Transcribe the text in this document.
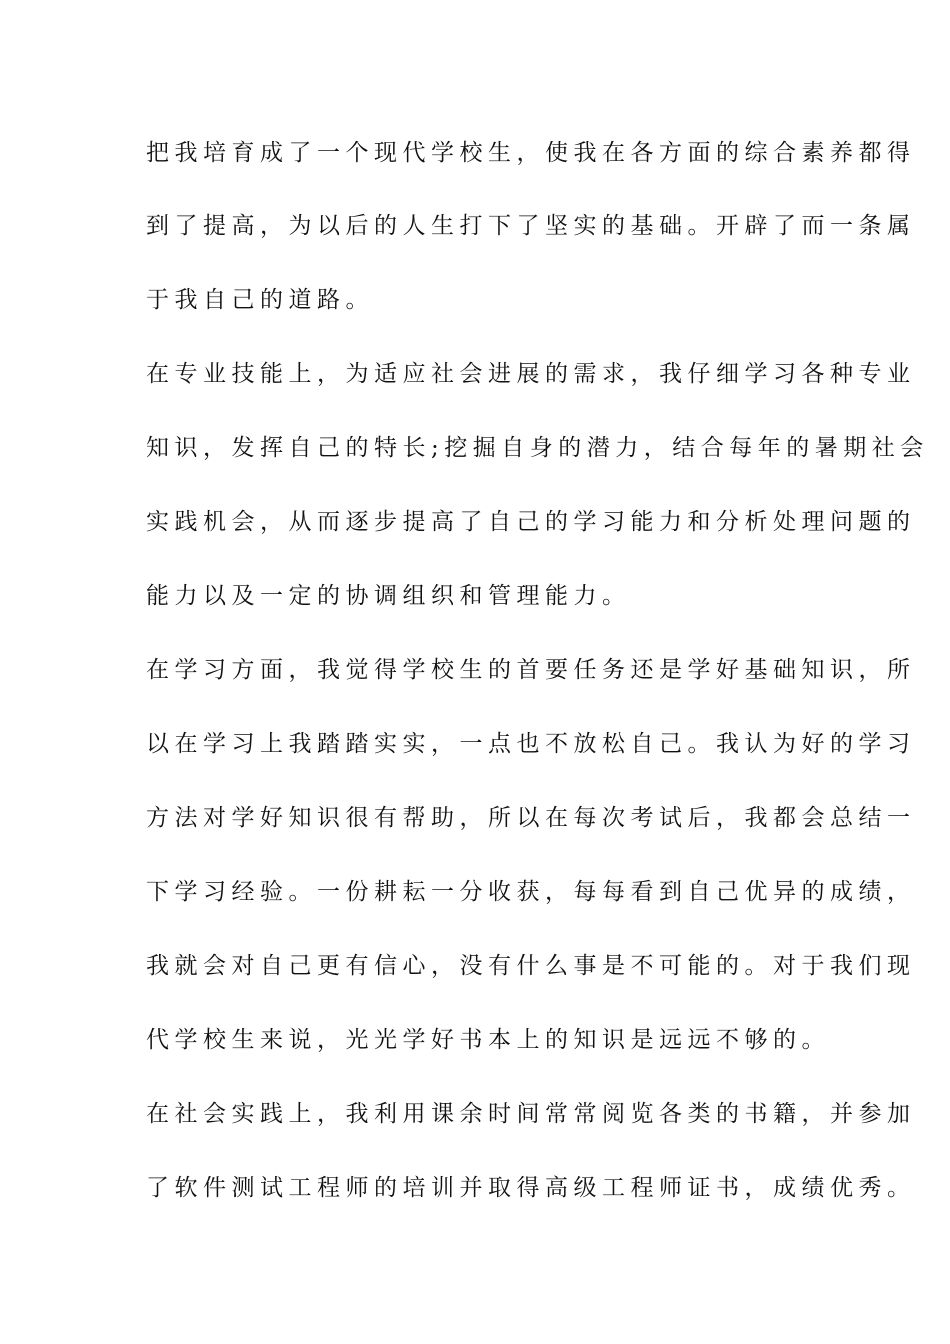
把我培育成了一个现代学校生，使我在各方面的综合素养都得
到了提高，为以后的人生打下了坚实的基础。开辟了而一条属
于我自己的道路。
在专业技能上，为适应社会进展的需求，我仔细学习各种专业
知识，发挥自己的特长;挖掘自身的潜力，结合每年的暑期社会
实践机会，从而逐步提高了自己的学习能力和分析处理问题的
能力以及一定的协调组织和管理能力。
在学习方面，我觉得学校生的首要任务还是学好基础知识，所
以在学习上我踏踏实实，一点也不放松自己。我认为好的学习
方法对学好知识很有帮助，所以在每次考试后，我都会总结一
下学习经验。一份耕耘一分收获，每每看到自己优异的成绩，
我就会对自己更有信心，没有什么事是不可能的。对于我们现
代学校生来说，光光学好书本上的知识是远远不够的。
在社会实践上，我利用课余时间常常阅览各类的书籍，并参加
了软件测试工程师的培训并取得高级工程师证书，成绩优秀。
